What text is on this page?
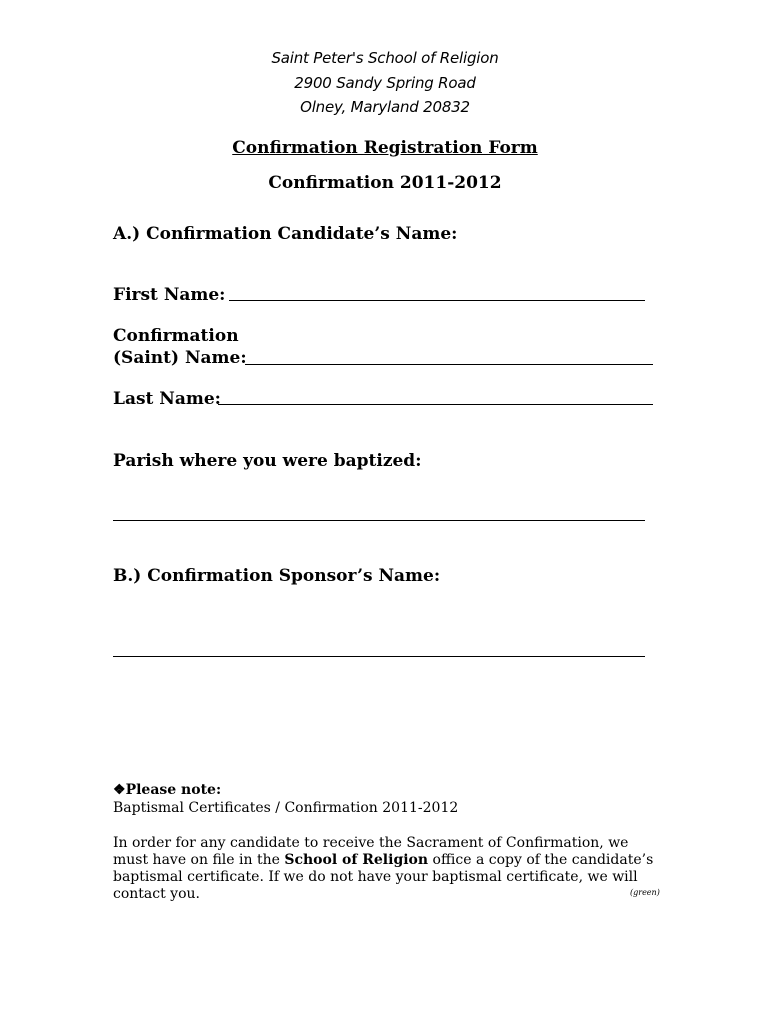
Saint Peter's School of Religion
2900 Sandy Spring Road
Olney, Maryland 20832
Confirmation Registration Form
Confirmation 2011-2012
A.) Confirmation Candidate’s Name:
First Name:
Confirmation
(Saint) Name:
Last Name:
Parish where you were baptized:
B.) Confirmation Sponsor’s Name:
❖Please note:
Baptismal Certificates / Confirmation 2011-2012
In order for any candidate to receive the Sacrament of Confirmation, we must have on file in the School of Religion office a copy of the candidate’s baptismal certificate. If we do not have your baptismal certificate, we will contact you.	(green)
